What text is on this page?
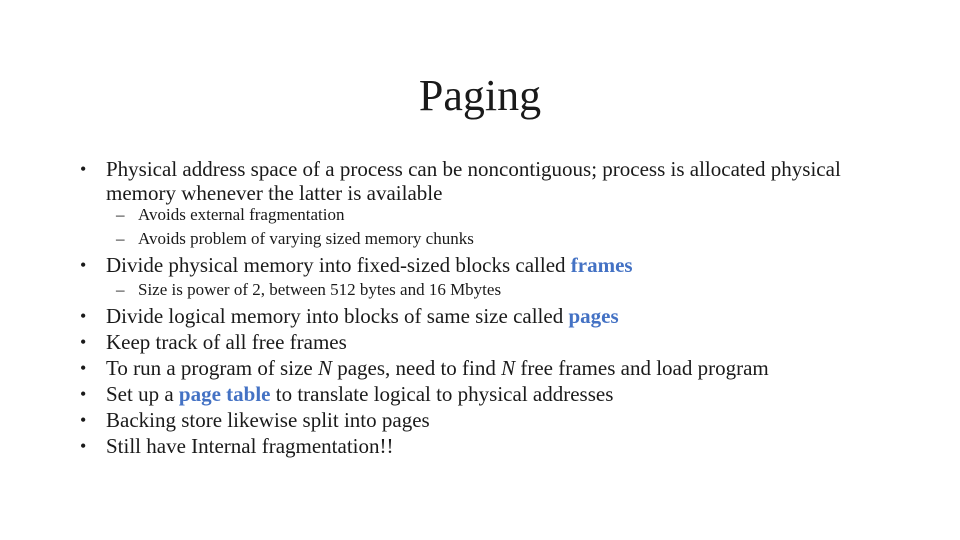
Paging
• Physical address space of a process can be noncontiguous; process is allocated physical
memory whenever the latter is available
– Avoids external fragmentation
– Avoids problem of varying sized memory chunks
• Divide physical memory into fixed-sized blocks called frames
– Size is power of 2, between 512 bytes and 16 Mbytes
• Divide logical memory into blocks of same size called pages
• Keep track of all free frames
• To run a program of size N pages, need to find N free frames and load program
• Set up a page table to translate logical to physical addresses
• Backing store likewise split into pages
• Still have Internal fragmentation!!
